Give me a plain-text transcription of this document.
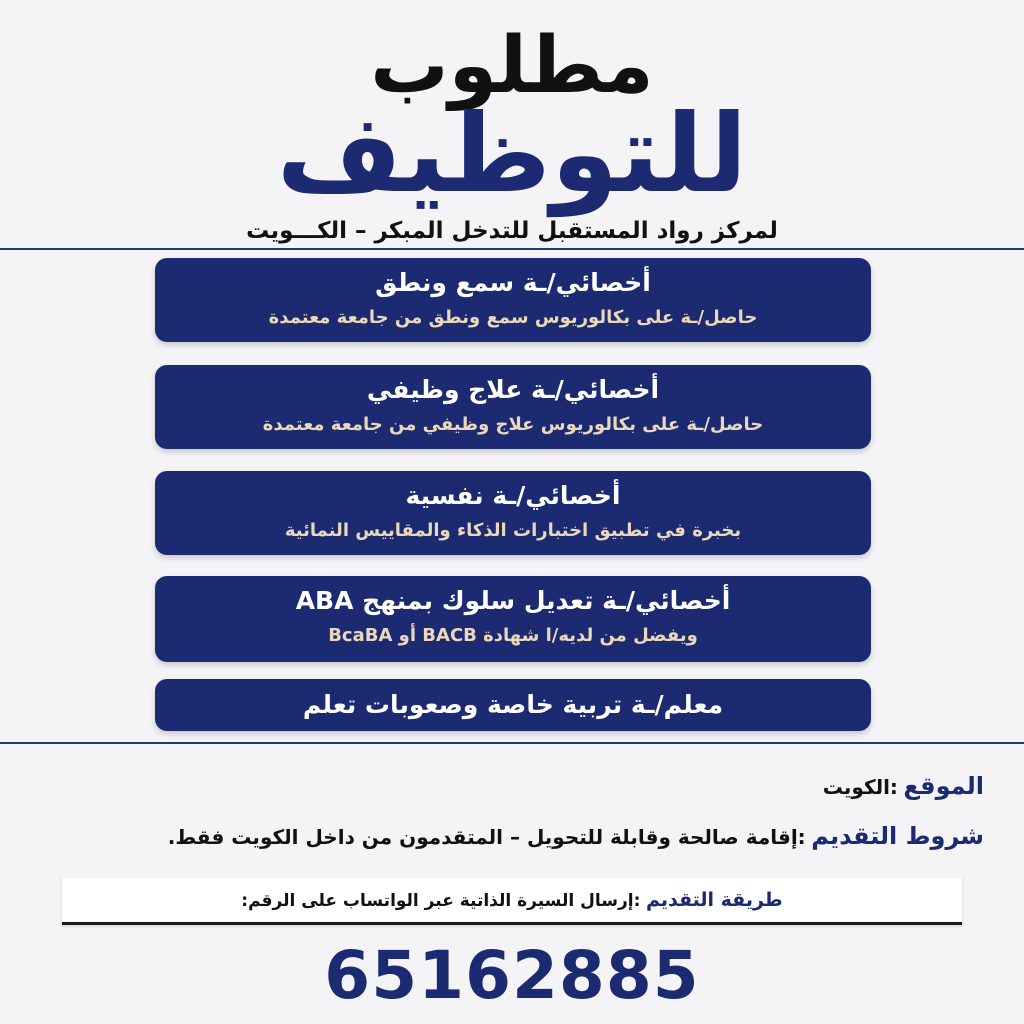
مطلوب
للتوظيف
لمركز رواد المستقبل للتدخل المبكر – الكـــويت
أخصائي/ـة سمع ونطق
حاصل/ـة على بكالوريوس سمع ونطق من جامعة معتمدة
أخصائي/ـة علاج وظيفي
حاصل/ـة على بكالوريوس علاج وظيفي من جامعة معتمدة
أخصائي/ـة نفسية
بخبرة في تطبيق اختبارات الذكاء والمقاييس النمائية
أخصائي/ـة تعديل سلوك بمنهج ABA
ويفضل من لديه/ا شهادة BACB أو BcaBA
معلم/ـة تربية خاصة وصعوبات تعلم
الموقع :الكويت
شروط التقديم :إقامة صالحة وقابلة للتحويل – المتقدمون من داخل الكويت فقط.
طريقة التقديم :إرسال السيرة الذاتية عبر الواتساب على الرقم:
65162885
